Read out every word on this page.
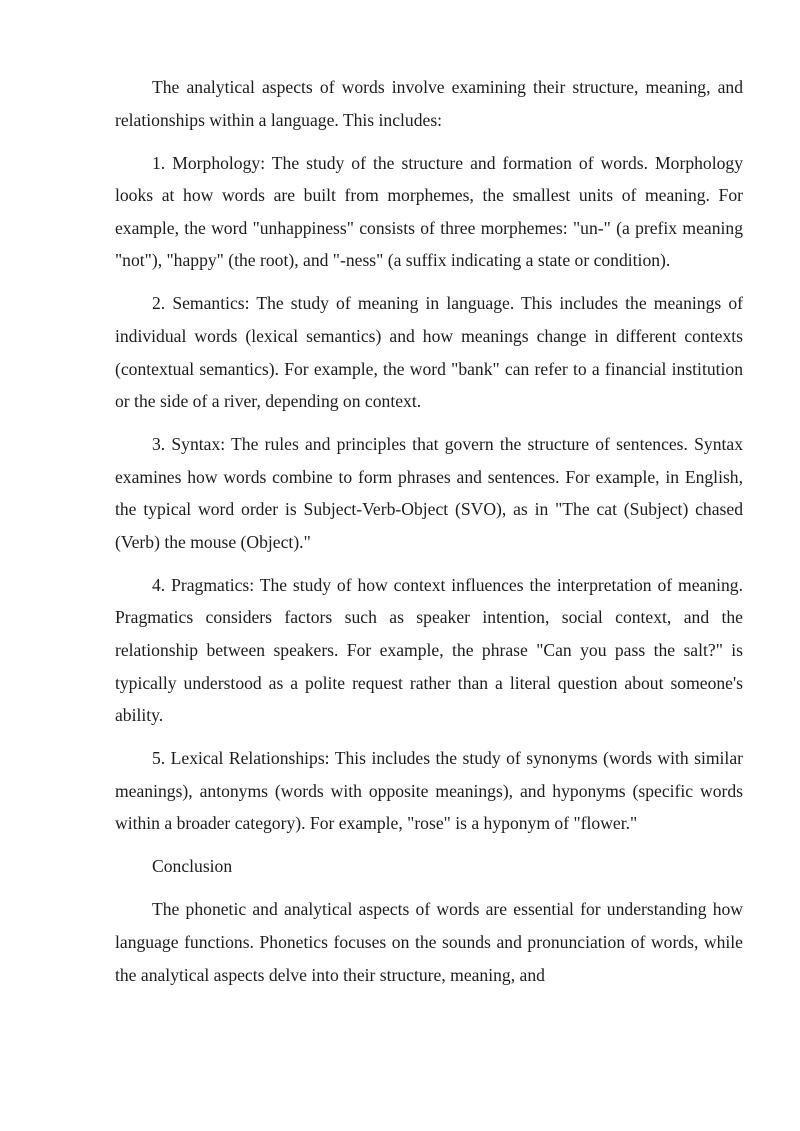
The analytical aspects of words involve examining their structure, meaning, and relationships within a language. This includes:

1. Morphology: The study of the structure and formation of words. Morphology looks at how words are built from morphemes, the smallest units of meaning. For example, the word "unhappiness" consists of three morphemes: "un-" (a prefix meaning "not"), "happy" (the root), and "-ness" (a suffix indicating a state or condition).

2. Semantics: The study of meaning in language. This includes the meanings of individual words (lexical semantics) and how meanings change in different contexts (contextual semantics). For example, the word "bank" can refer to a financial institution or the side of a river, depending on context.

3. Syntax: The rules and principles that govern the structure of sentences. Syntax examines how words combine to form phrases and sentences. For example, in English, the typical word order is Subject-Verb-Object (SVO), as in "The cat (Subject) chased (Verb) the mouse (Object)."

4. Pragmatics: The study of how context influences the interpretation of meaning. Pragmatics considers factors such as speaker intention, social context, and the relationship between speakers. For example, the phrase "Can you pass the salt?" is typically understood as a polite request rather than a literal question about someone's ability.

5. Lexical Relationships: This includes the study of synonyms (words with similar meanings), antonyms (words with opposite meanings), and hyponyms (specific words within a broader category). For example, "rose" is a hyponym of "flower."

Conclusion

The phonetic and analytical aspects of words are essential for understanding how language functions. Phonetics focuses on the sounds and pronunciation of words, while the analytical aspects delve into their structure, meaning, and
